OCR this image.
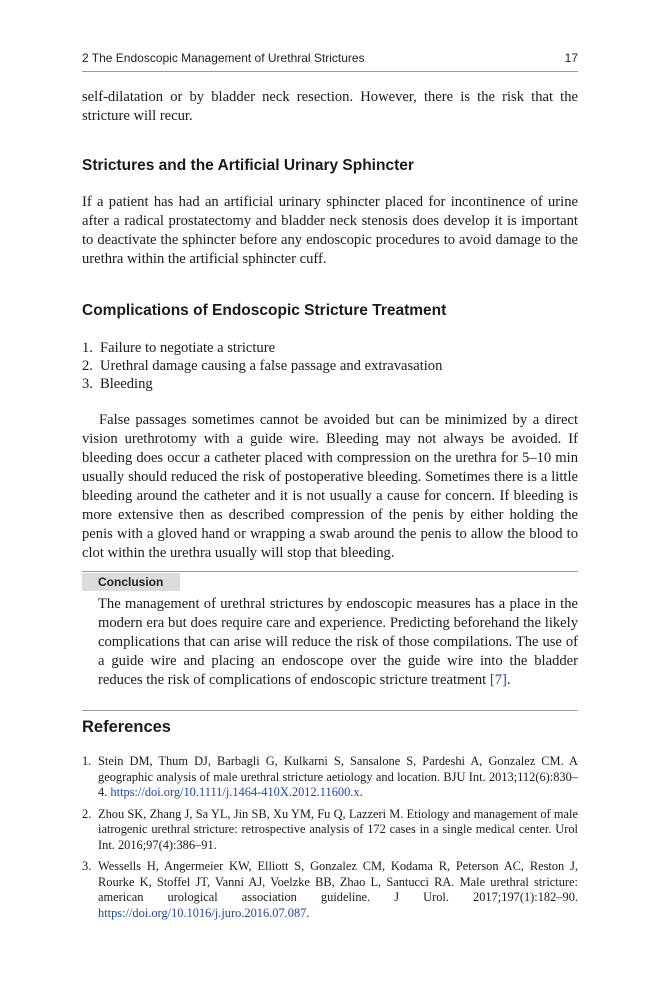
2 The Endoscopic Management of Urethral Strictures	17
self-dilatation or by bladder neck resection. However, there is the risk that the stricture will recur.
Strictures and the Artificial Urinary Sphincter
If a patient has had an artificial urinary sphincter placed for incontinence of urine after a radical prostatectomy and bladder neck stenosis does develop it is important to deactivate the sphincter before any endoscopic procedures to avoid damage to the urethra within the artificial sphincter cuff.
Complications of Endoscopic Stricture Treatment
1. Failure to negotiate a stricture
2. Urethral damage causing a false passage and extravasation
3. Bleeding
False passages sometimes cannot be avoided but can be minimized by a direct vision urethrotomy with a guide wire. Bleeding may not always be avoided. If bleeding does occur a catheter placed with compression on the urethra for 5–10 min usually should reduced the risk of postoperative bleeding. Sometimes there is a little bleeding around the catheter and it is not usually a cause for concern. If bleeding is more extensive then as described compression of the penis by either holding the penis with a gloved hand or wrapping a swab around the penis to allow the blood to clot within the urethra usually will stop that bleeding.
Conclusion
The management of urethral strictures by endoscopic measures has a place in the modern era but does require care and experience. Predicting beforehand the likely complications that can arise will reduce the risk of those compilations. The use of a guide wire and placing an endoscope over the guide wire into the bladder reduces the risk of complications of endoscopic stricture treatment [7].
References
1. Stein DM, Thum DJ, Barbagli G, Kulkarni S, Sansalone S, Pardeshi A, Gonzalez CM. A geographic analysis of male urethral stricture aetiology and location. BJU Int. 2013;112(6):830–4. https://doi.org/10.1111/j.1464-410X.2012.11600.x.
2. Zhou SK, Zhang J, Sa YL, Jin SB, Xu YM, Fu Q, Lazzeri M. Etiology and management of male iatrogenic urethral stricture: retrospective analysis of 172 cases in a single medical center. Urol Int. 2016;97(4):386–91.
3. Wessells H, Angermeier KW, Elliott S, Gonzalez CM, Kodama R, Peterson AC, Reston J, Rourke K, Stoffel JT, Vanni AJ, Voelzke BB, Zhao L, Santucci RA. Male urethral stricture: american urological association guideline. J Urol. 2017;197(1):182–90. https://doi.org/10.1016/j.juro.2016.07.087.
